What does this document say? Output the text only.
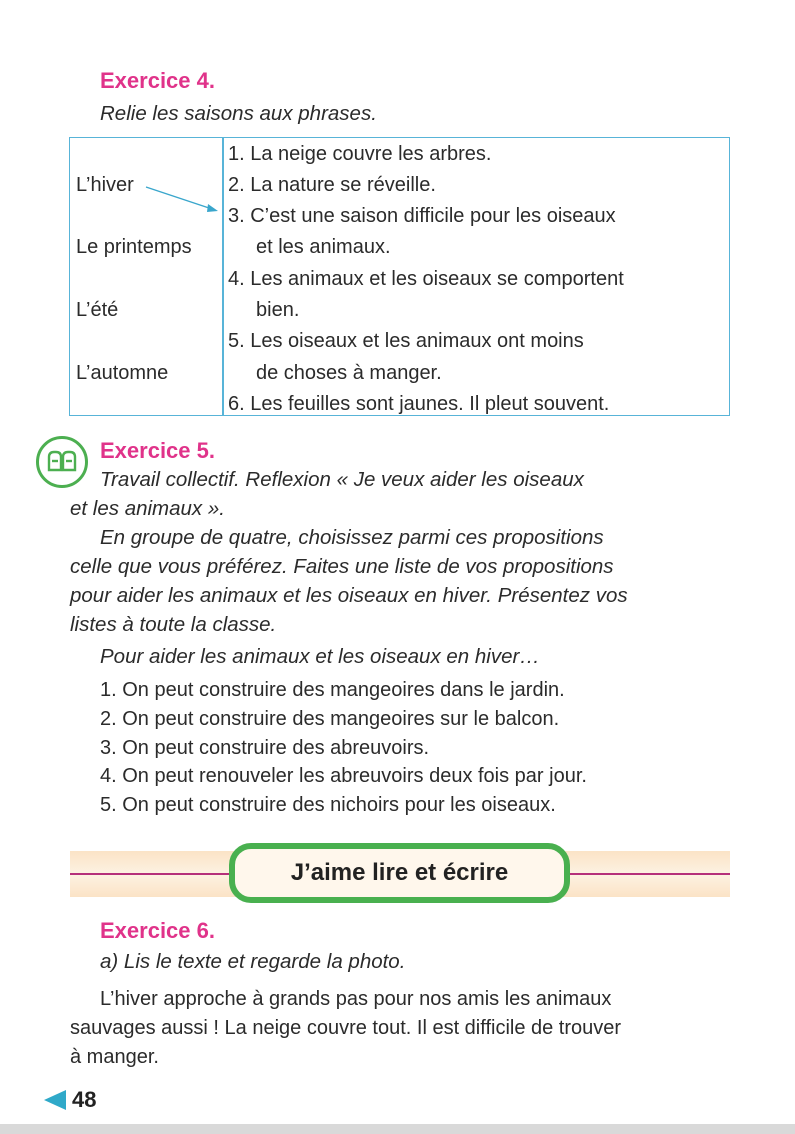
Exercice 4.
Relie les saisons aux phrases.
L’hiver
Le printemps
L’été
L’automne
1. La neige couvre les arbres.
2. La nature se réveille.
3. C’est une saison difficile pour les oiseaux
et les animaux.
4. Les animaux et les oiseaux se comportent
bien.
5. Les oiseaux et les animaux ont moins
de choses à manger.
6. Les feuilles sont jaunes. Il pleut souvent.
Exercice 5.
Travail collectif. Reflexion « Je veux aider les oiseaux
et les animaux ».
En groupe de quatre, choisissez parmi ces propositions
celle que vous préférez. Faites une liste de vos propositions
pour aider les animaux et les oiseaux en hiver. Présentez vos
listes à toute la classe.
Pour aider les animaux et les oiseaux en hiver…
1. On peut construire des mangeoires dans le jardin.
2. On peut construire des mangeoires sur le balcon.
3. On peut construire des abreuvoirs.
4. On peut renouveler les abreuvoirs deux fois par jour.
5. On peut construire des nichoirs pour les oiseaux.
J’aime lire et écrire
Exercice 6.
a) Lis le texte et regarde la photo.
L’hiver approche à grands pas pour nos amis les animaux
sauvages aussi ! La neige couvre tout. Il est difficile de trouver
à manger.
48
